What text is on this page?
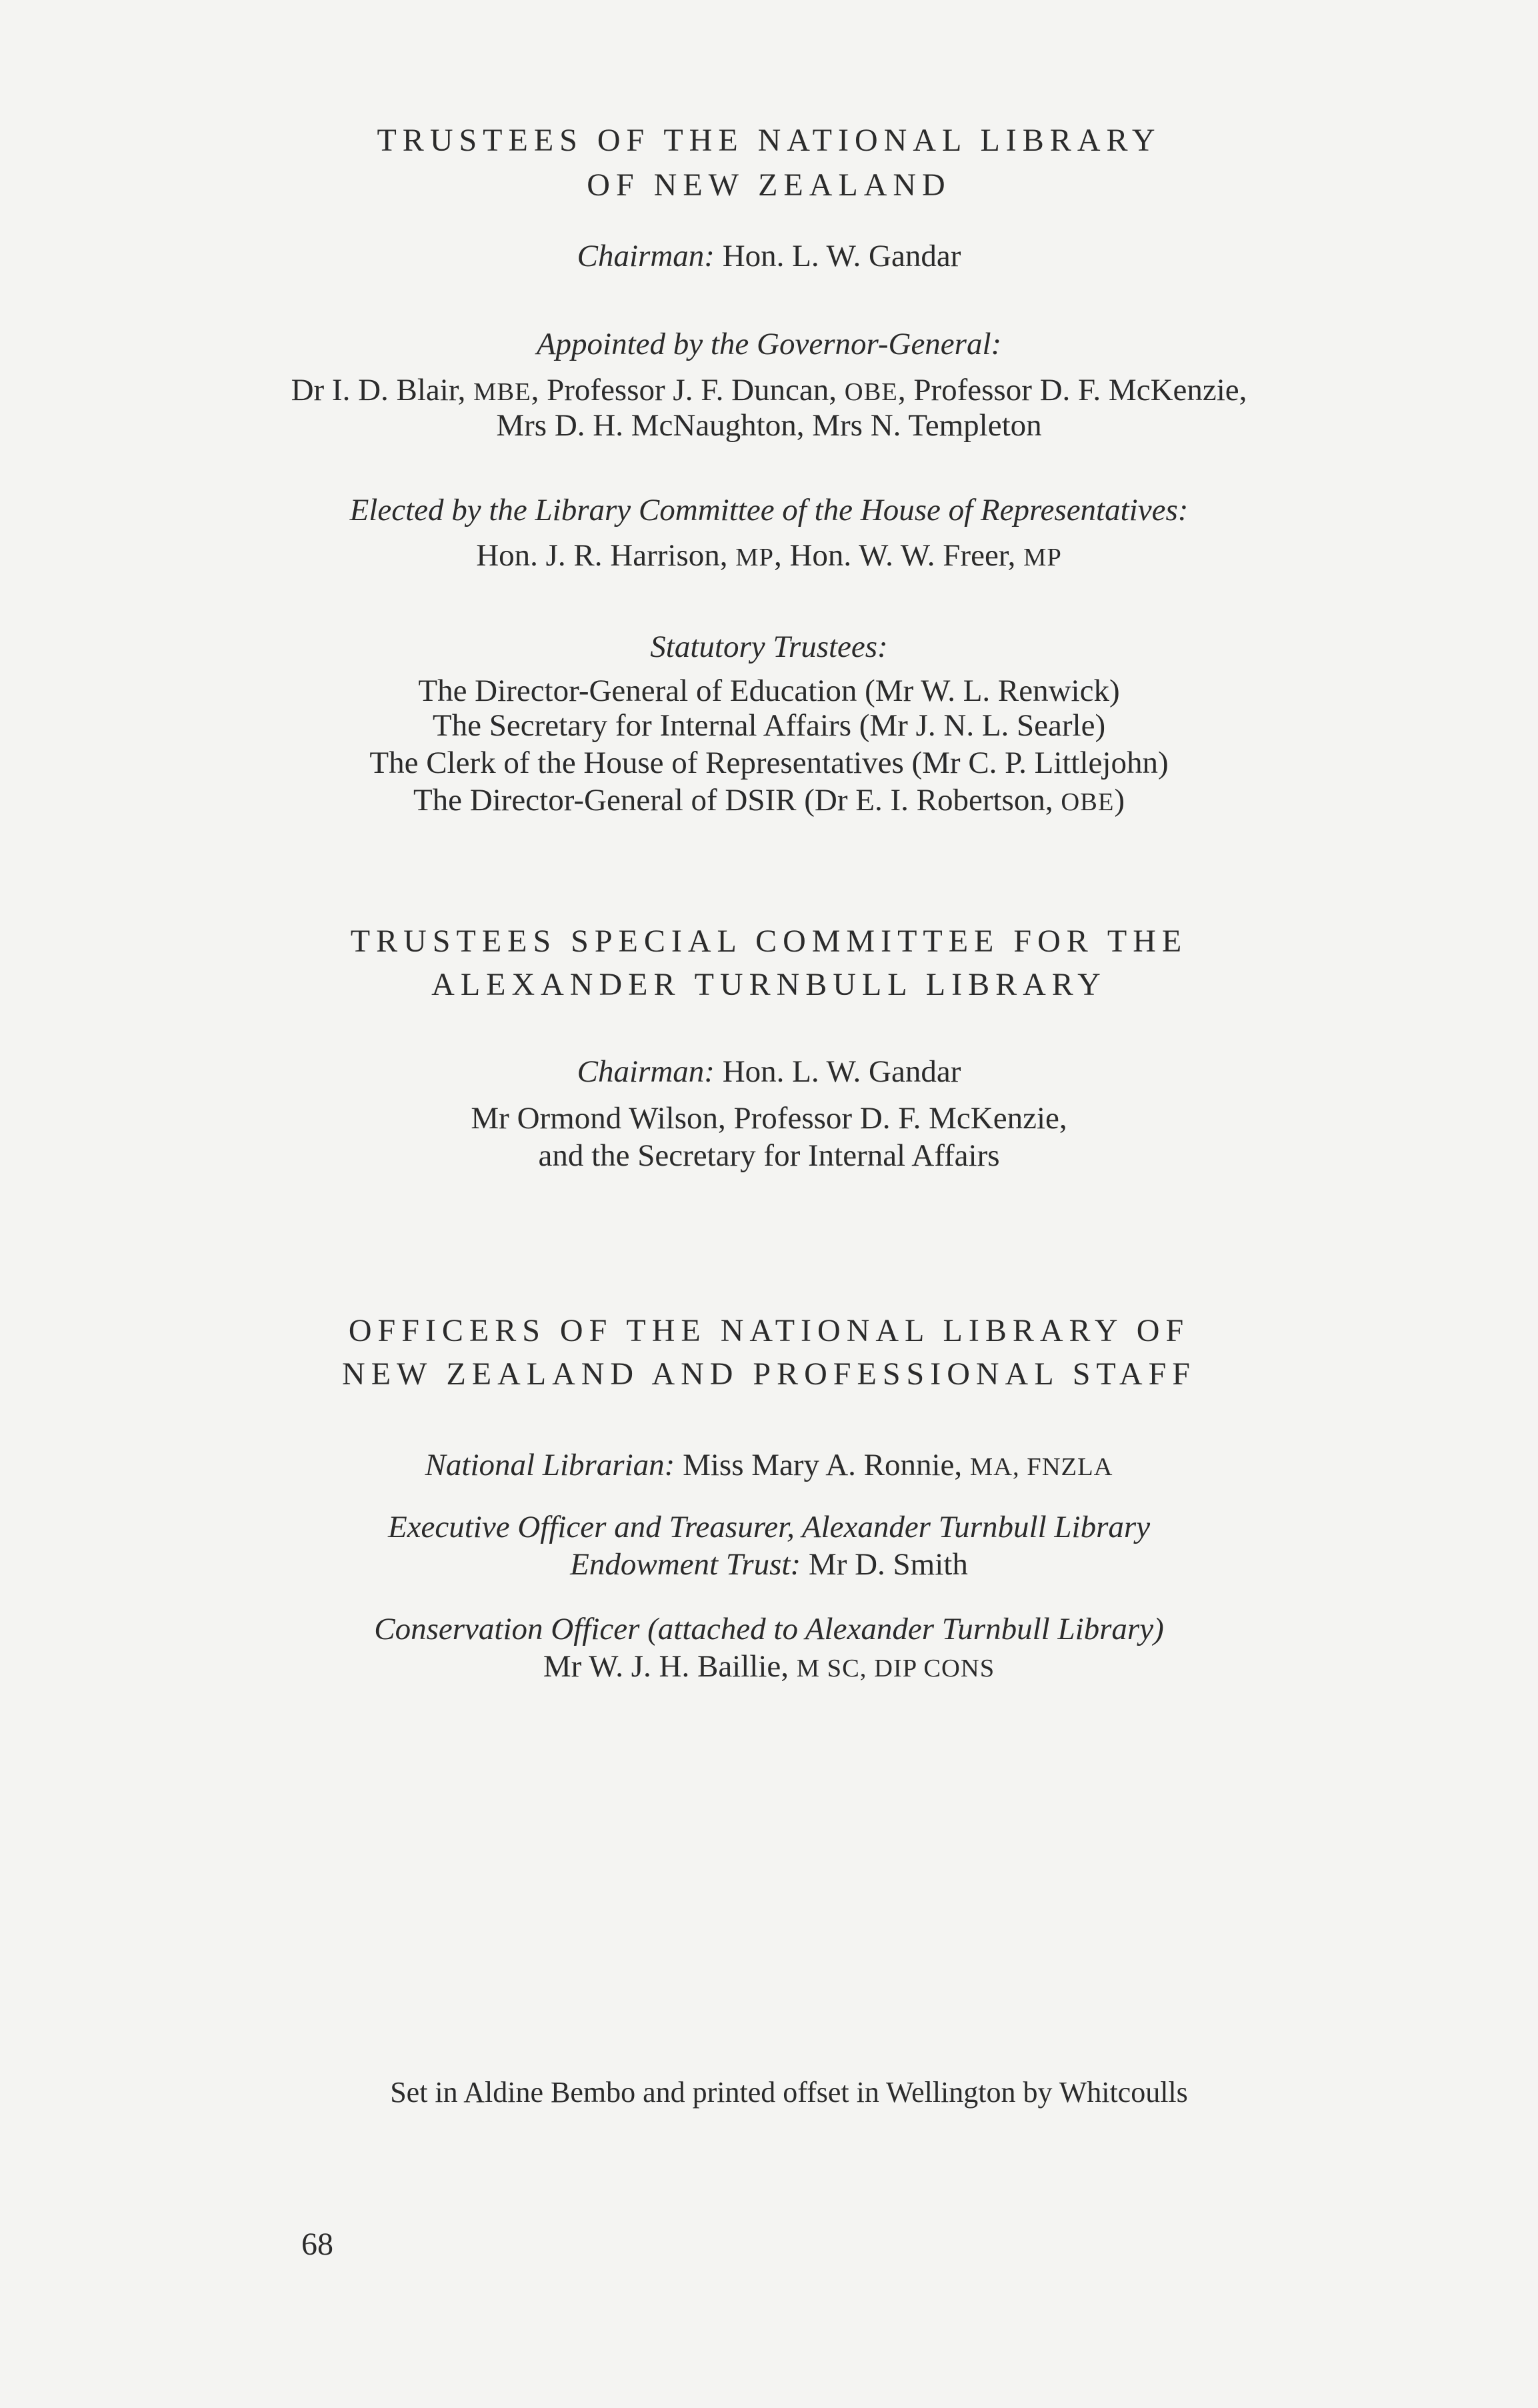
TRUSTEES OF THE NATIONAL LIBRARY
OF NEW ZEALAND
Chairman: Hon. L. W. Gandar
Appointed by the Governor-General:
Dr I. D. Blair, MBE, Professor J. F. Duncan, OBE, Professor D. F. McKenzie,
Mrs D. H. McNaughton, Mrs N. Templeton
Elected by the Library Committee of the House of Representatives:
Hon. J. R. Harrison, MP, Hon. W. W. Freer, MP
Statutory Trustees:
The Director-General of Education (Mr W. L. Renwick)
The Secretary for Internal Affairs (Mr J. N. L. Searle)
The Clerk of the House of Representatives (Mr C. P. Littlejohn)
The Director-General of DSIR (Dr E. I. Robertson, OBE)
TRUSTEES SPECIAL COMMITTEE FOR THE
ALEXANDER TURNBULL LIBRARY
Chairman: Hon. L. W. Gandar
Mr Ormond Wilson, Professor D. F. McKenzie,
and the Secretary for Internal Affairs
OFFICERS OF THE NATIONAL LIBRARY OF
NEW ZEALAND AND PROFESSIONAL STAFF
National Librarian: Miss Mary A. Ronnie, MA, FNZLA
Executive Officer and Treasurer, Alexander Turnbull Library
Endowment Trust: Mr D. Smith
Conservation Officer (attached to Alexander Turnbull Library)
Mr W. J. H. Baillie, M SC, DIP CONS
Set in Aldine Bembo and printed offset in Wellington by Whitcoulls
68
